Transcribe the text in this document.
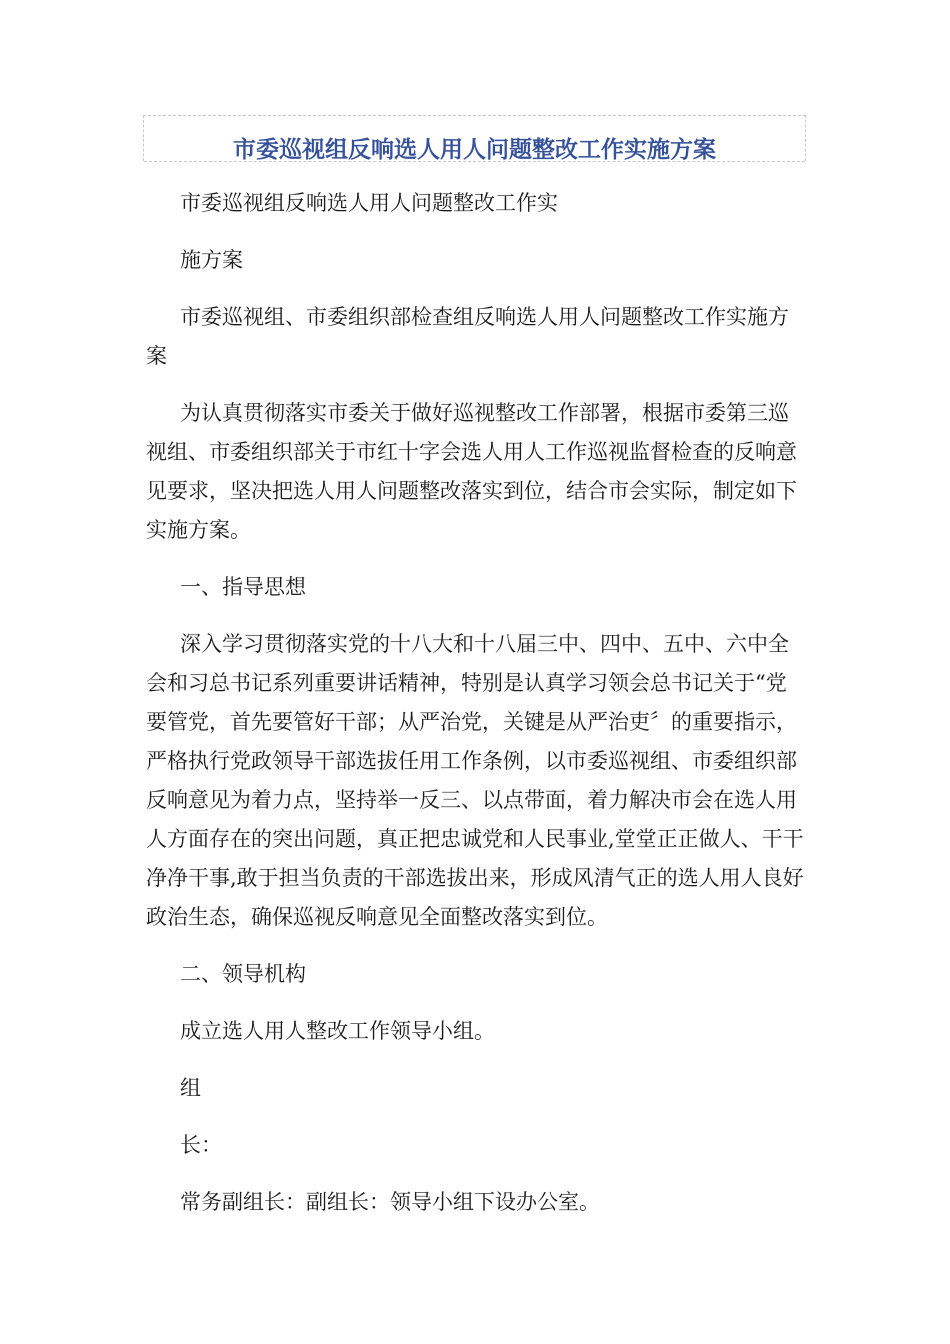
市委巡视组反响选人用人问题整改工作实施方案

市委巡视组反响选人用人问题整改工作实

施方案

市委巡视组、市委组织部检查组反响选人用人问题整改工作实施方案

为认真贯彻落实市委关于做好巡视整改工作部署，根据市委第三巡视组、市委组织部关于市红十字会选人用人工作巡视监督检查的反响意见要求，坚决把选人用人问题整改落实到位，结合市会实际，制定如下实施方案。

一、指导思想

深入学习贯彻落实党的十八大和十八届三中、四中、五中、六中全会和习总书记系列重要讲话精神，特别是认真学习领会总书记关于“党要管党，首先要管好干部；从严治党，关键是从严治吏〞的重要指示，严格执行党政领导干部选拔任用工作条例，以市委巡视组、市委组织部反响意见为着力点，坚持举一反三、以点带面，着力解决市会在选人用人方面存在的突出问题，真正把忠诚党和人民事业,堂堂正正做人、干干净净干事,敢于担当负责的干部选拔出来，形成风清气正的选人用人良好政治生态，确保巡视反响意见全面整改落实到位。

二、领导机构

成立选人用人整改工作领导小组。

组

长：

常务副组长：副组长：领导小组下设办公室。
